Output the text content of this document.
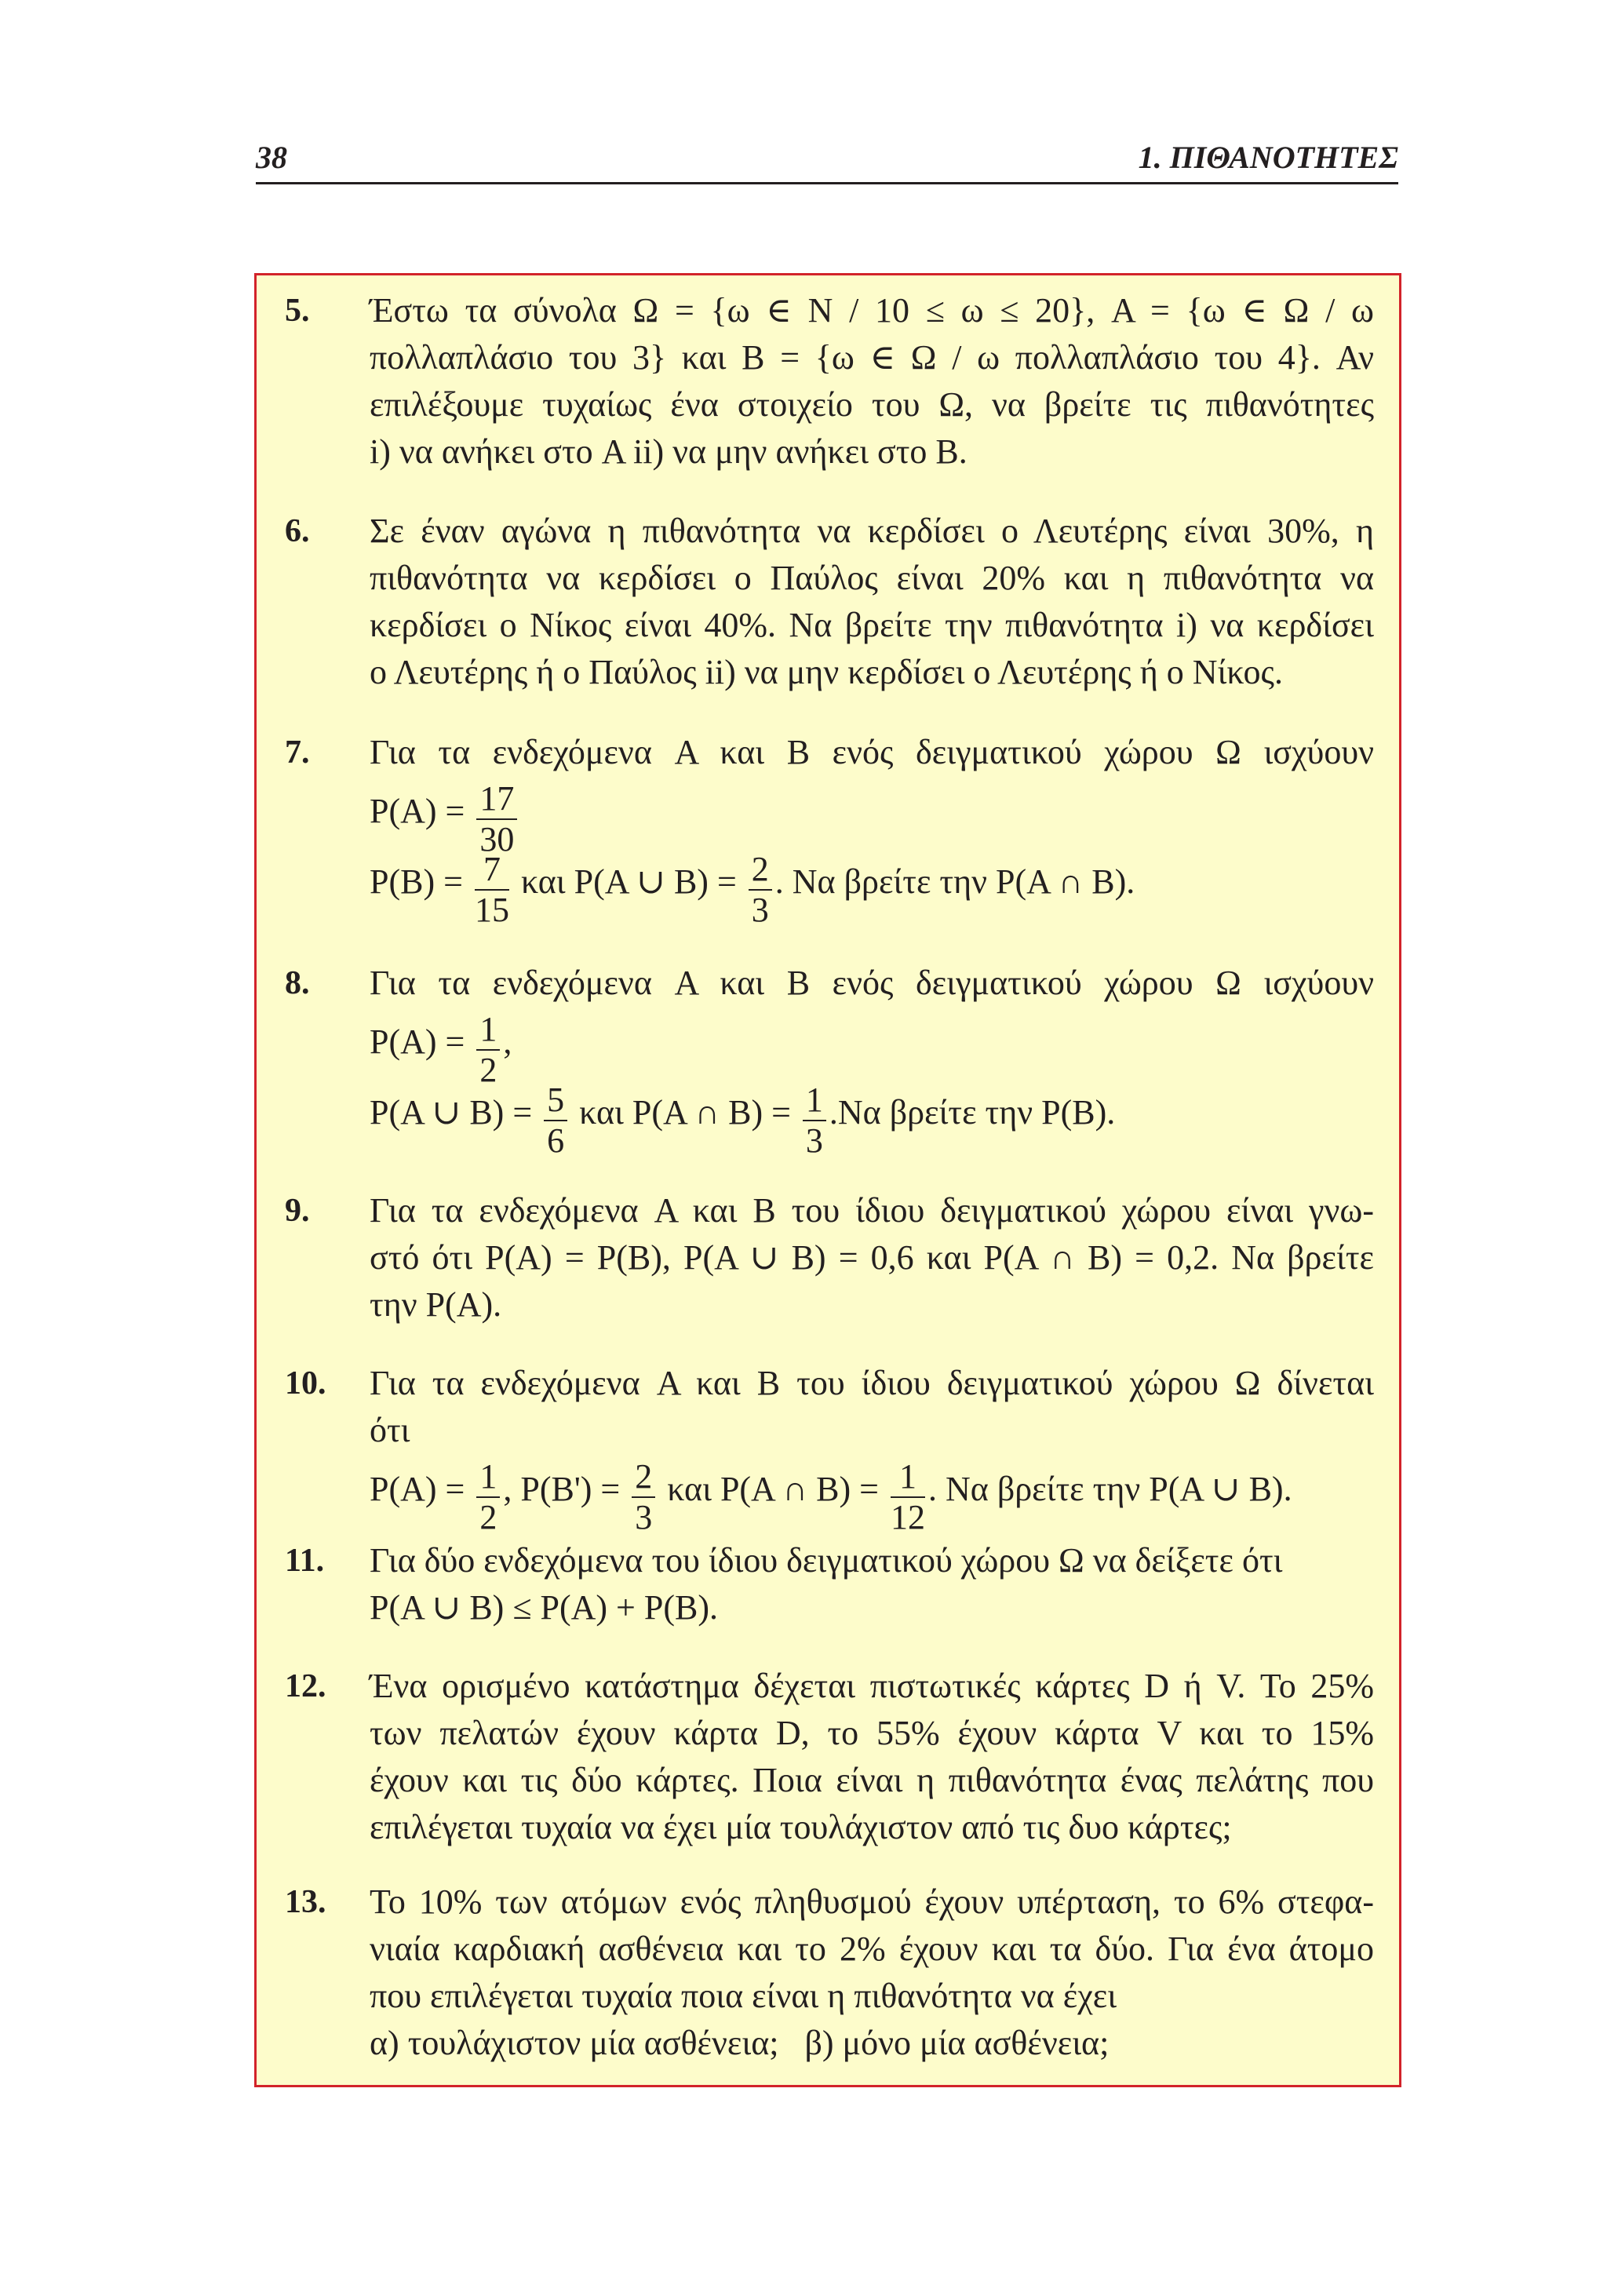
38	1. ΠΙΘΑΝΟΤΗΤΕΣ
5. Έστω τα σύνολα Ω = {ω ∈ N / 10 ≤ ω ≤ 20}, A = {ω ∈ Ω / ω
πολλαπλάσιο του 3} και B = {ω ∈ Ω / ω πολλαπλάσιο του 4}. Αν
επιλέξουμε τυχαίως ένα στοιχείο του Ω, να βρείτε τις πιθανότητες
i) να ανήκει στο A ii) να μην ανήκει στο B.
6. Σε έναν αγώνα η πιθανότητα να κερδίσει ο Λευτέρης είναι 30%, η
πιθανότητα να κερδίσει ο Παύλος είναι 20% και η πιθανότητα να
κερδίσει ο Νίκος είναι 40%. Να βρείτε την πιθανότητα i) να κερδίσει
ο Λευτέρης ή ο Παύλος ii) να μην κερδίσει ο Λευτέρης ή ο Νίκος.
7. Για τα ενδεχόμενα A και B ενός δειγματικού χώρου Ω ισχύουν
$P(A) = \frac{17}{30}$
$P(B) = \frac{7}{15}$ και P(A ∪ $B) = \frac{2}{3}$ . Να βρείτε την P(A ∩ B).
8. Για τα ενδεχόμενα A και B ενός δειγματικού χώρου Ω ισχύουν
$P(A) = \frac{1}{2}$ ,
P(A ∪ $B) = \frac{5}{6}$ και P(A ∩ $B) = \frac{1}{3} .N\alpha$ βρείτε την P(B).
9. Για τα ενδεχόμενα A και B του ίδιου δειγματικού χώρου είναι γνω-
στό ότι P(A) = P(B), P(A ∪ B) = 0,6 και P(A ∩ B) = 0,2. Να βρείτε
την P(A).
10. Για τα ενδεχόμενα A και B του ίδιου δειγματικού χώρου Ω δίνεται
ότι
$P(A) = \frac{1}{2}$ , $P(B') = \frac{2}{3}$ και P(A ∩ $B) = \frac{1}{12}$ . Να βρείτε την P(A ∪ B).
11. Για δύο ενδεχόμενα του ίδιου δειγματικού χώρου Ω να δείξετε ότι
P(A ∪ B) ≤ P(A) + P(B).
12. Ένα ορισμένο κατάστημα δέχεται πιστωτικές κάρτες D ή V. Το 25%
των πελατών έχουν κάρτα D, το 55% έχουν κάρτα V και το 15%
έχουν και τις δύο κάρτες. Ποια είναι η πιθανότητα ένας πελάτης που
επιλέγεται τυχαία να έχει μία τουλάχιστον από τις δυο κάρτες;
13. Το 10% των ατόμων ενός πληθυσμού έχουν υπέρταση, το 6% στεφα-
νιαία καρδιακή ασθένεια και το 2% έχουν και τα δύο. Για ένα άτομο
που επιλέγεται τυχαία ποια είναι η πιθανότητα να έχει
α) τουλάχιστον μία ασθένεια;   β) μόνο μία ασθένεια;
